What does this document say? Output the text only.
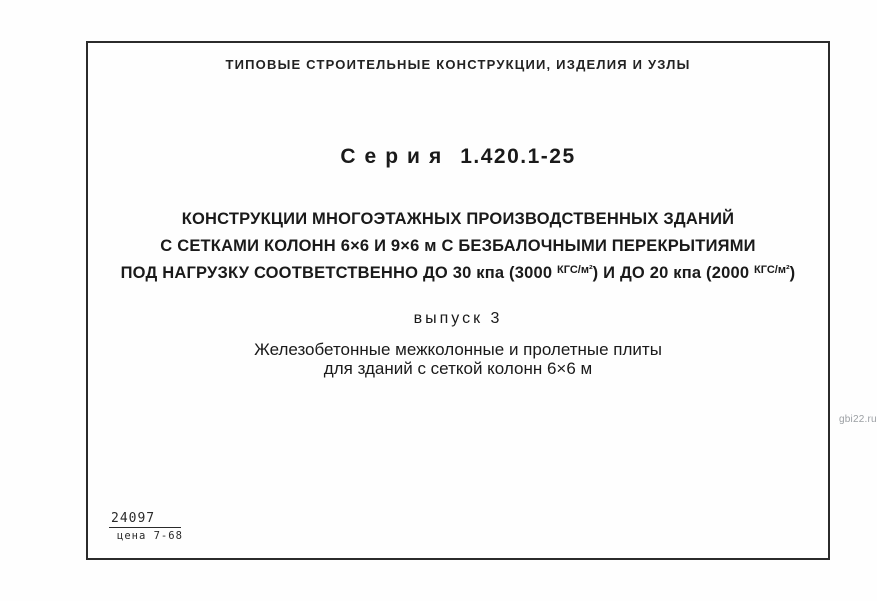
ТИПОВЫЕ СТРОИТЕЛЬНЫЕ КОНСТРУКЦИИ, ИЗДЕЛИЯ И УЗЛЫ
Серия 1.420.1-25
КОНСТРУКЦИИ МНОГОЭТАЖНЫХ ПРОИЗВОДСТВЕННЫХ ЗДАНИЙ
С СЕТКАМИ КОЛОНН 6×6 И 9×6 м С БЕЗБАЛОЧНЫМИ ПЕРЕКРЫТИЯМИ
ПОД НАГРУЗКУ СООТВЕТСТВЕННО ДО 30 кпа (3000 $^{КГС/м^2}$) И ДО 20 кпа (2000 $^{КГС/м^2}$)
выпуск 3
Железобетонные межколонные и пролетные плиты
для зданий с сеткой колонн 6×6 м
24097
цена 7-68
gbi22.ru
